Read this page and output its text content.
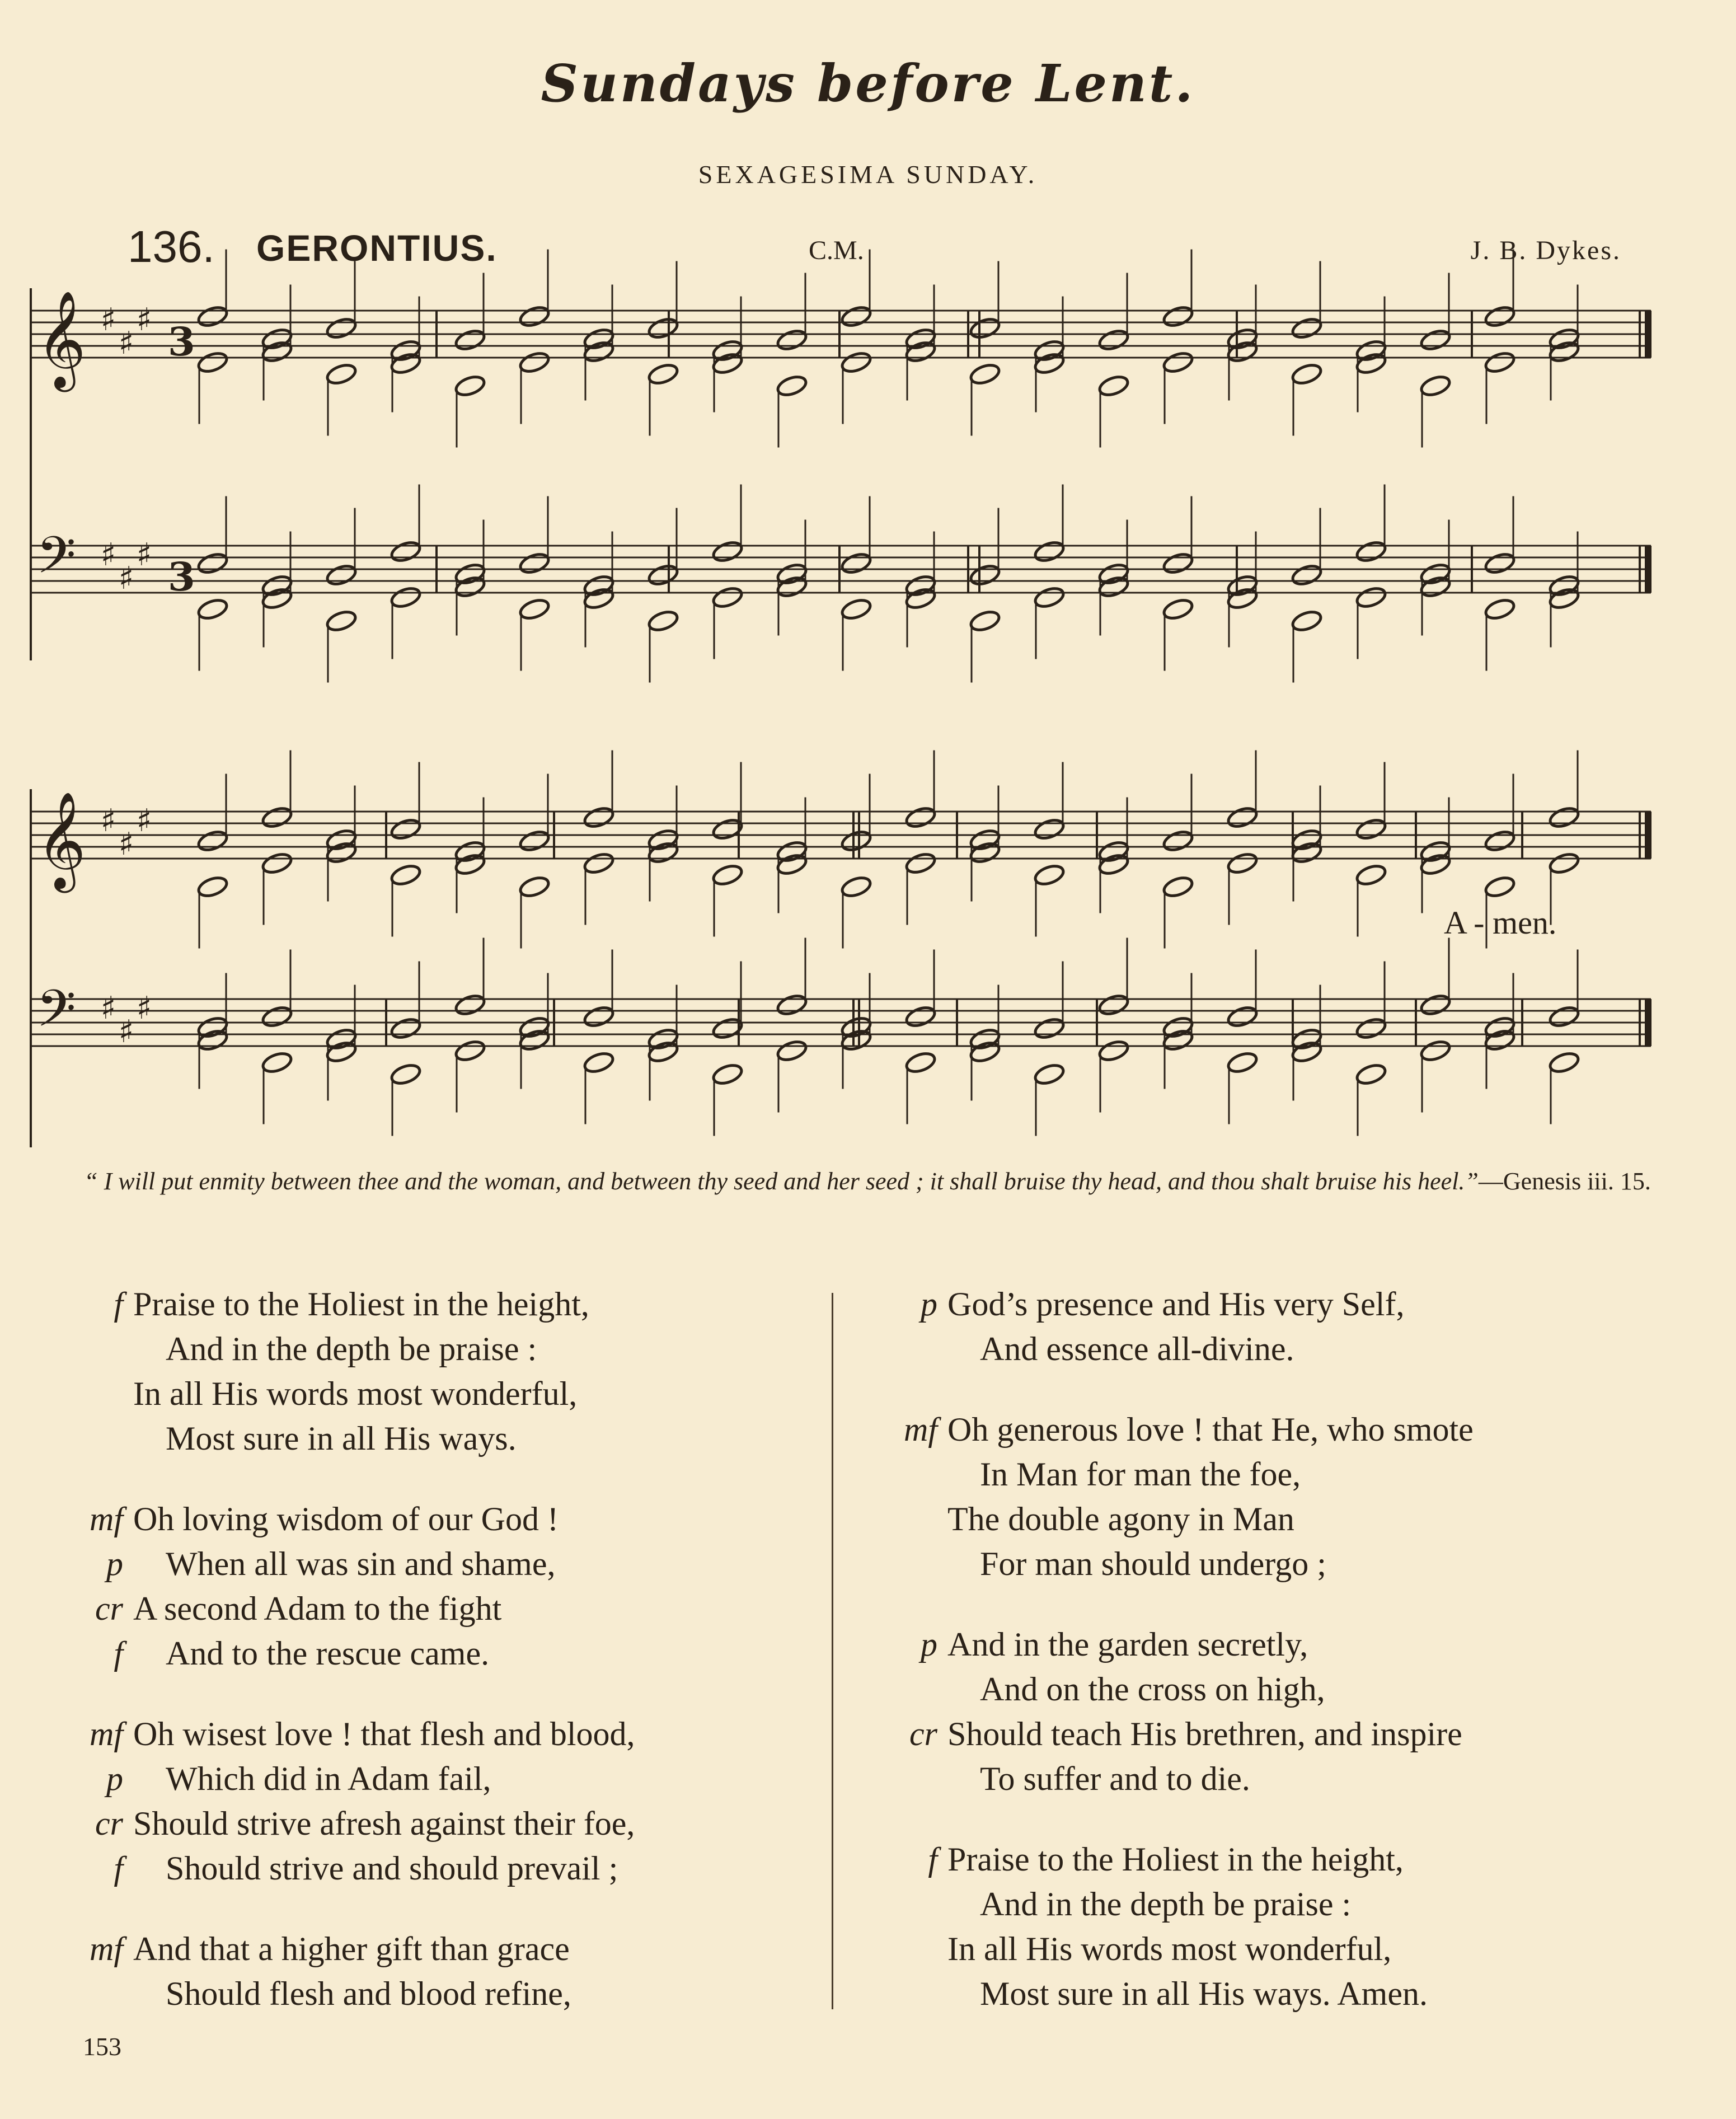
Sundays before Lent.
SEXAGESIMA SUNDAY.
136. GERONTIUS.	C.M.	J. B. Dykes.
𝄞 ♯
♯
♯ 3
𝄢 ♯
♯
♯ 3
𝄞 ♯
♯
♯
𝄢 ♯
♯
♯
A - men.
“ I will put enmity between thee and the woman, and between thy seed and her seed ; it shall bruise thy head, and thou shalt bruise his heel.”—Genesis iii. 15.
f Praise to the Holiest in the height,
And in the depth be praise :
In all His words most wonderful,
Most sure in all His ways.
mf Oh loving wisdom of our God !
p	When all was sin and shame,
cr A second Adam to the fight
f	And to the rescue came.
mf Oh wisest love ! that flesh and blood,
p	Which did in Adam fail,
cr Should strive afresh against their foe,
f	Should strive and should prevail ;
mf And that a higher gift than grace
Should flesh and blood refine,
p God’s presence and His very Self,
And essence all-divine.
mf Oh generous love ! that He, who smote
In Man for man the foe,
The double agony in Man
For man should undergo ;
p And in the garden secretly,
And on the cross on high,
cr Should teach His brethren, and inspire
To suffer and to die.
f Praise to the Holiest in the height,
And in the depth be praise :
In all His words most wonderful,
Most sure in all His ways. Amen.
153
